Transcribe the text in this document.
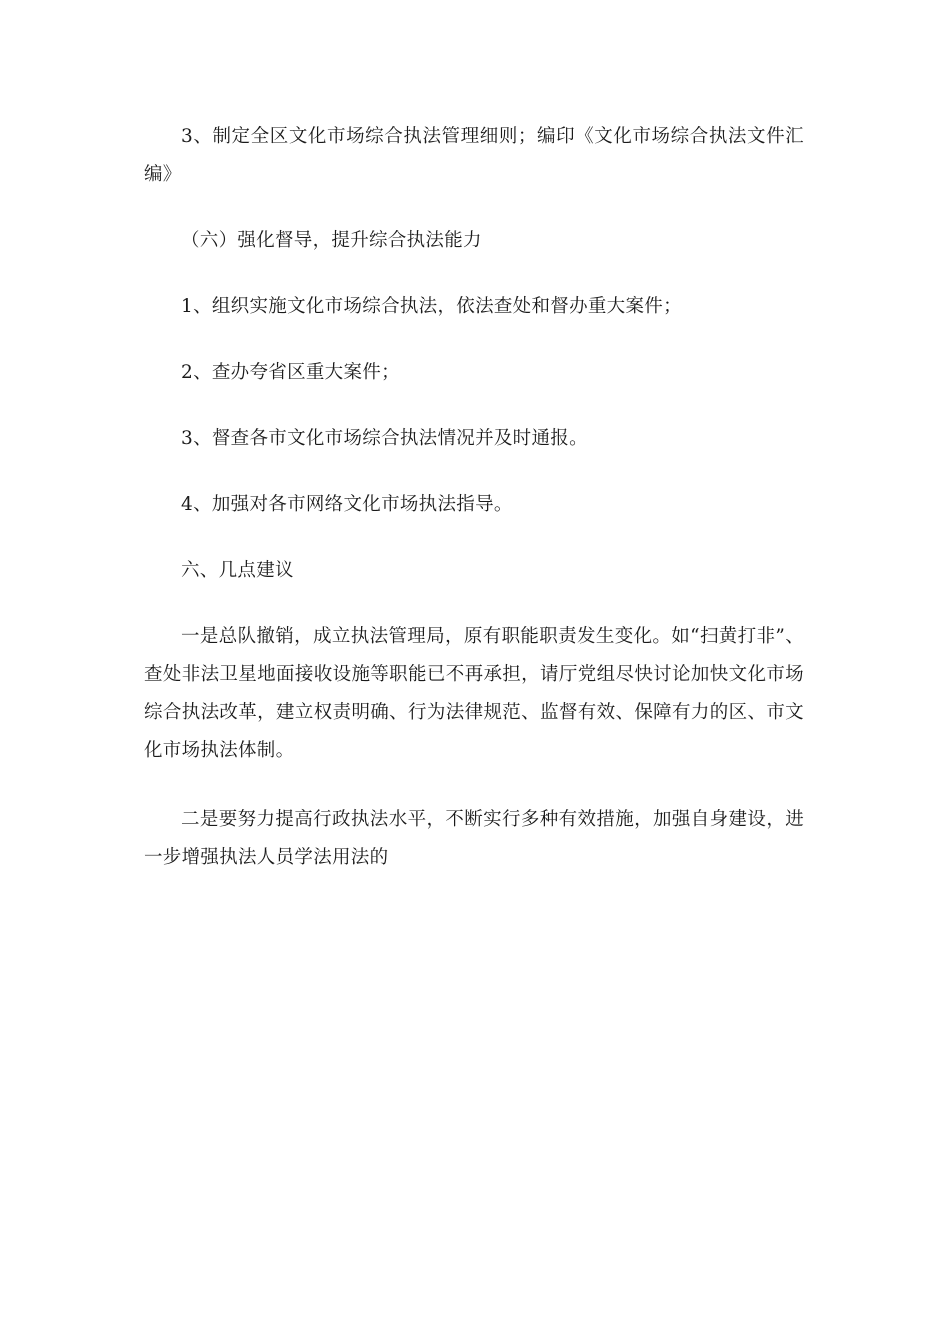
3、制定全区文化市场综合执法管理细则；编印《文化市场综合执法文件汇编》

（六）强化督导，提升综合执法能力

1、组织实施文化市场综合执法，依法查处和督办重大案件；

2、查办夸省区重大案件；

3、督查各市文化市场综合执法情况并及时通报。

4、加强对各市网络文化市场执法指导。

六、几点建议

一是总队撤销，成立执法管理局，原有职能职责发生变化。如“扫黄打非”、查处非法卫星地面接收设施等职能已不再承担，请厅党组尽快讨论加快文化市场综合执法改革，建立权责明确、行为法律规范、监督有效、保障有力的区、市文化市场执法体制。

二是要努力提高行政执法水平，不断实行多种有效措施，加强自身建设，进一步增强执法人员学法用法的
